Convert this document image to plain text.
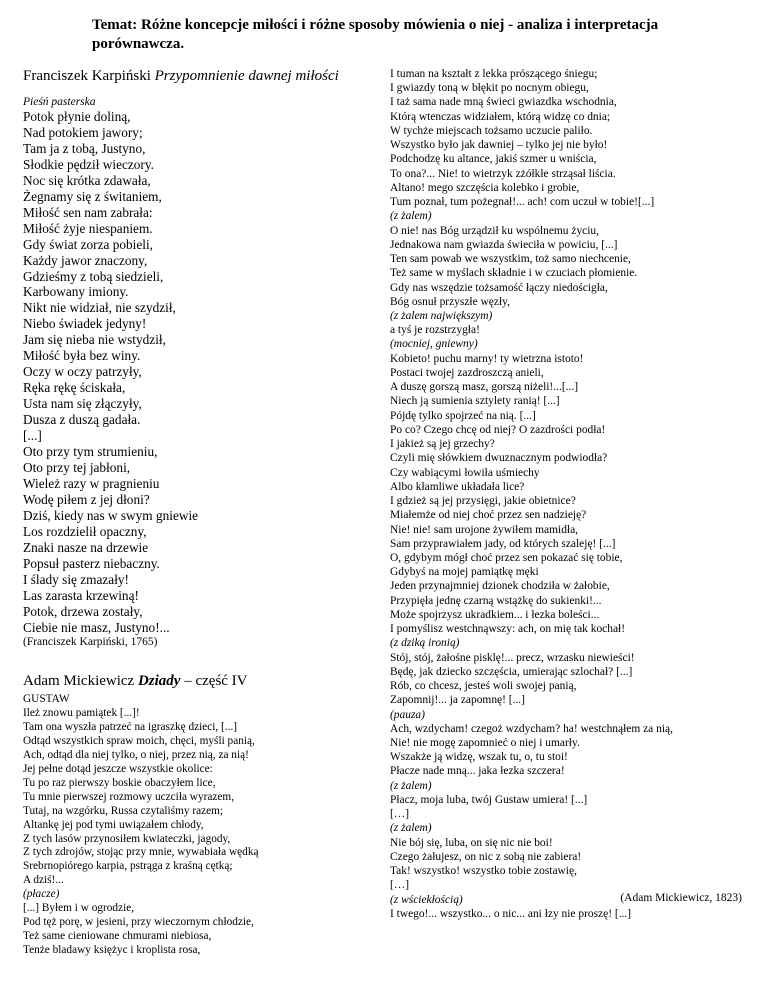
Temat: Różne koncepcje miłości i różne sposoby mówienia o niej - analiza i interpretacja porównawcza.

Franciszek Karpiński Przypomnienie dawnej miłości

Pieśń pasterska
Potok płynie doliną,
Nad potokiem jawory;
Tam ja z tobą, Justyno,
Słodkie pędził wieczory.
Noc się krótka zdawała,
Żegnamy się z świtaniem,
Miłość sen nam zabrała:
Miłość żyje niespaniem.
Gdy świat zorza pobieli,
Każdy jawor znaczony,
Gdzieśmy z tobą siedzieli,
Karbowany imiony.
Nikt nie widział, nie szydził,
Niebo świadek jedyny!
Jam się nieba nie wstydził,
Miłość była bez winy.
Oczy w oczy patrzyły,
Ręka rękę ściskała,
Usta nam się złączyły,
Dusza z duszą gadała.
[...]
Oto przy tym strumieniu,
Oto przy tej jabłoni,
Wieleż razy w pragnieniu
Wodę piłem z jej dłoni?
Dziś, kiedy nas w swym gniewie
Los rozdzielił opaczny,
Znaki nasze na drzewie
Popsuł pasterz niebaczny.
I ślady się zmazały!
Las zarasta krzewiną!
Potok, drzewa zostały,
Ciebie nie masz, Justyno!...
(Franciszek Karpiński, 1765)

Adam Mickiewicz Dziady – część IV

GUSTAW
Ileż znowu pamiątek [...]!
Tam ona wyszła patrzeć na igraszkę dzieci, [...]
Odtąd wszystkich spraw moich, chęci, myśli panią,
Ach, odtąd dla niej tylko, o niej, przez nią, za nią!
Jej pełne dotąd jeszcze wszystkie okolice:
Tu po raz pierwszy boskie obaczyłem lice,
Tu mnie pierwszej rozmowy uczciła wyrazem,
Tutaj, na wzgórku, Russa czytaliśmy razem;
Altankę jej pod tymi uwiązałem chłody,
Z tych lasów przynosiłem kwiateczki, jagody,
Z tych zdrojów, stojąc przy mnie, wywabiała wędką
Srebrnopiórego karpia, pstrąga z kraśną cętką;
A dziś!...
(płacze)
[...] Byłem i w ogrodzie,
Pod tęż porę, w jesieni, przy wieczornym chłodzie,
Też same cieniowane chmurami niebiosa,
Tenże bladawy księżyc i kroplista rosa,
I tuman na kształt z lekka prószącego śniegu;
I gwiazdy toną w błękit po nocnym obiegu,
I taż sama nade mną świeci gwiazdka wschodnia,
Którą wtenczas widziałem, którą widzę co dnia;
W tychże miejscach tożsamo uczucie paliło.
Wszystko było jak dawniej – tylko jej nie było!
Podchodzę ku altance, jakiś szmer u wniścia,
To ona?... Nie! to wietrzyk zżółkłe strząsał liścia.
Altano! mego szczęścia kolebko i grobie,
Tum poznał, tum pożegnał!... ach! com uczuł w tobie![...]
(z żalem)
O nie! nas Bóg urządził ku wspólnemu życiu,
Jednakowa nam gwiazda świeciła w powiciu, [...]
Ten sam powab we wszystkim, toż samo niechcenie,
Też same w myślach składnie i w czuciach płomienie.
Gdy nas wszędzie tożsamość łączy niedościgła,
Bóg osnuł przyszłe węzły,
(z żalem największym)
a tyś je rozstrzygła!
(mocniej, gniewny)
Kobieto! puchu marny! ty wietrzna istoto!
Postaci twojej zazdroszczą anieli,
A duszę gorszą masz, gorszą niżeli!...[...]
Niech ją sumienia sztylety ranią! [...]
Pójdę tylko spojrzeć na nią. [...]
Po co? Czego chcę od niej? O zazdrości podła!
I jakież są jej grzechy?
Czyli mię słówkiem dwuznacznym podwiodła?
Czy wabiącymi łowiła uśmiechy
Albo kłamliwe układała lice?
I gdzież są jej przysięgi, jakie obietnice?
Miałemże od niej choć przez sen nadzieję?
Nie! nie! sam urojone żywiłem mamidła,
Sam przyprawiałem jady, od których szaleję! [...]
O, gdybym mógł choć przez sen pokazać się tobie,
Gdybyś na mojej pamiątkę męki
Jeden przynajmniej dzionek chodziła w żałobie,
Przypięła jednę czarną wstążkę do sukienki!...
Może spojrzysz ukradkiem... i łezka boleści...
I pomyślisz westchnąwszy: ach, on mię tak kochał!
(z dziką ironią)
Stój, stój, żałośne pisklę!... precz, wrzasku niewieści!
Będę, jak dziecko szczęścia, umierając szlochał? [...]
Rób, co chcesz, jesteś woli swojej panią,
Zapomnij!... ja zapomnę! [...]
(pauza)
Ach, wzdycham! czegoż wzdycham? ha! westchnąłem za nią,
Nie! nie mogę zapomnieć o niej i umarły.
Wszakże ją widzę, wszak tu, o, tu stoi!
Płacze nade mną... jaka łezka szczera!
(z żalem)
Płacz, moja luba, twój Gustaw umiera! [...]
[…]
(z żalem)
Nie bój się, luba, on się nic nie boi!
Czego żałujesz, on nic z sobą nie zabiera!
Tak! wszystko! wszystko tobie zostawię,
[…]
(z wściekłością)
I twego!... wszystko... o nic... ani łzy nie proszę! [...]
(Adam Mickiewicz, 1823)
